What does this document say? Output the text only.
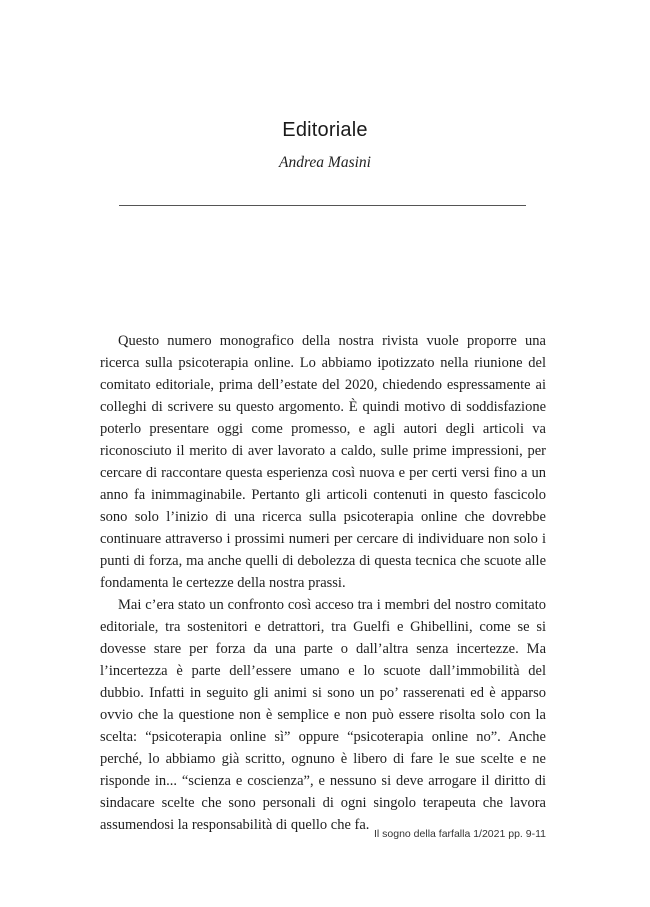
Editoriale
Andrea Masini

Questo numero monografico della nostra rivista vuole proporre una ricerca sulla psicoterapia online. Lo abbiamo ipotizzato nella riunione del comitato editoriale, prima dell’estate del 2020, chiedendo espressamente ai colleghi di scrivere su questo argomento. È quindi motivo di soddisfazione poterlo presentare oggi come promesso, e agli autori degli articoli va riconosciuto il merito di aver lavorato a caldo, sulle prime impressioni, per cercare di raccontare questa esperienza così nuova e per certi versi fino a un anno fa inimmaginabile. Pertanto gli articoli contenuti in questo fascicolo sono solo l’inizio di una ricerca sulla psicoterapia online che dovrebbe continuare attraverso i prossimi numeri per cercare di individuare non solo i punti di forza, ma anche quelli di debolezza di questa tecnica che scuote alle fondamenta le certezze della nostra prassi.

Mai c’era stato un confronto così acceso tra i membri del nostro comitato editoriale, tra sostenitori e detrattori, tra Guelfi e Ghibellini, come se si dovesse stare per forza da una parte o dall’altra senza incertezze. Ma l’incertezza è parte dell’essere umano e lo scuote dall’immobilità del dubbio. Infatti in seguito gli animi si sono un po’ rasserenati ed è apparso ovvio che la questione non è semplice e non può essere risolta solo con la scelta: “psicoterapia online sì” oppure “psicoterapia online no”. Anche perché, lo abbiamo già scritto, ognuno è libero di fare le sue scelte e ne risponde in... “scienza e coscienza”, e nessuno si deve arrogare il diritto di sindacare scelte che sono personali di ogni singolo terapeuta che lavora assumendosi la responsabilità di quello che fa.

Il sogno della farfalla 1/2021 pp. 9-11
